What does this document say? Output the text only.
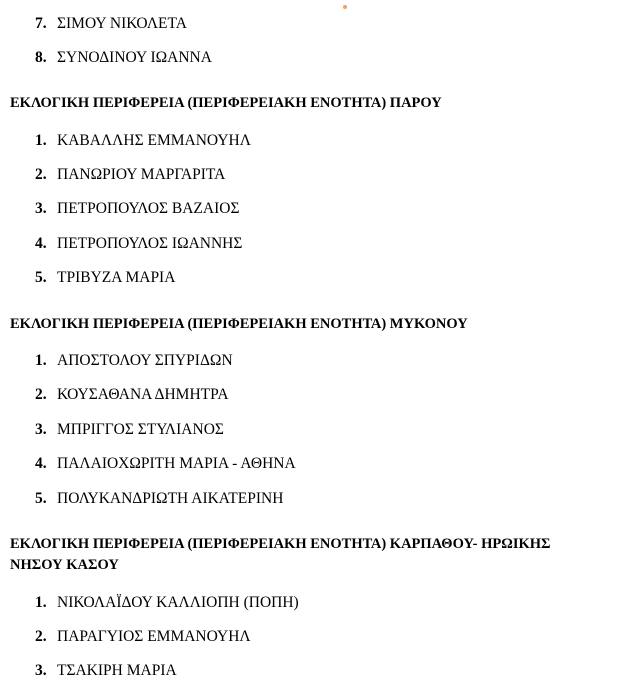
7. ΣΙΜΟΥ ΝΙΚΟΛΕΤΑ
8. ΣΥΝΟΔΙΝΟΥ ΙΩΑΝΝΑ
ΕΚΛΟΓΙΚΗ ΠΕΡΙΦΕΡΕΙΑ (ΠΕΡΙΦΕΡΕΙΑΚΗ ΕΝΟΤΗΤΑ) ΠΑΡΟΥ
1. ΚΑΒΑΛΛΗΣ ΕΜΜΑΝΟΥΗΛ
2. ΠΑΝΩΡΙΟΥ ΜΑΡΓΑΡΙΤΑ
3. ΠΕΤΡΟΠΟΥΛΟΣ ΒΑΖΑΙΟΣ
4. ΠΕΤΡΟΠΟΥΛΟΣ ΙΩΑΝΝΗΣ
5. ΤΡΙΒΥΖΑ ΜΑΡΙΑ
ΕΚΛΟΓΙΚΗ ΠΕΡΙΦΕΡΕΙΑ (ΠΕΡΙΦΕΡΕΙΑΚΗ ΕΝΟΤΗΤΑ) ΜΥΚΟΝΟΥ
1. ΑΠΟΣΤΟΛΟΥ ΣΠΥΡΙΔΩΝ
2. ΚΟΥΣΑΘΑΝΑ ΔΗΜΗΤΡΑ
3. ΜΠΡΙΓΓΟΣ ΣΤΥΛΙΑΝΟΣ
4. ΠΑΛΑΙΟΧΩΡΙΤΗ ΜΑΡΙΑ - ΑΘΗΝΑ
5. ΠΟΛΥΚΑΝΔΡΙΩΤΗ ΑΙΚΑΤΕΡΙΝΗ
ΕΚΛΟΓΙΚΗ ΠΕΡΙΦΕΡΕΙΑ (ΠΕΡΙΦΕΡΕΙΑΚΗ ΕΝΟΤΗΤΑ) ΚΑΡΠΑΘΟΥ- ΗΡΩΙΚΗΣ
ΝΗΣΟΥ ΚΑΣΟΥ
1. ΝΙΚΟΛΑΪΔΟΥ ΚΑΛΛΙΟΠΗ (ΠΟΠΗ)
2. ΠΑΡΑΓΥΙΟΣ ΕΜΜΑΝΟΥΗΛ
3. ΤΣΑΚΙΡΗ ΜΑΡΙΑ
